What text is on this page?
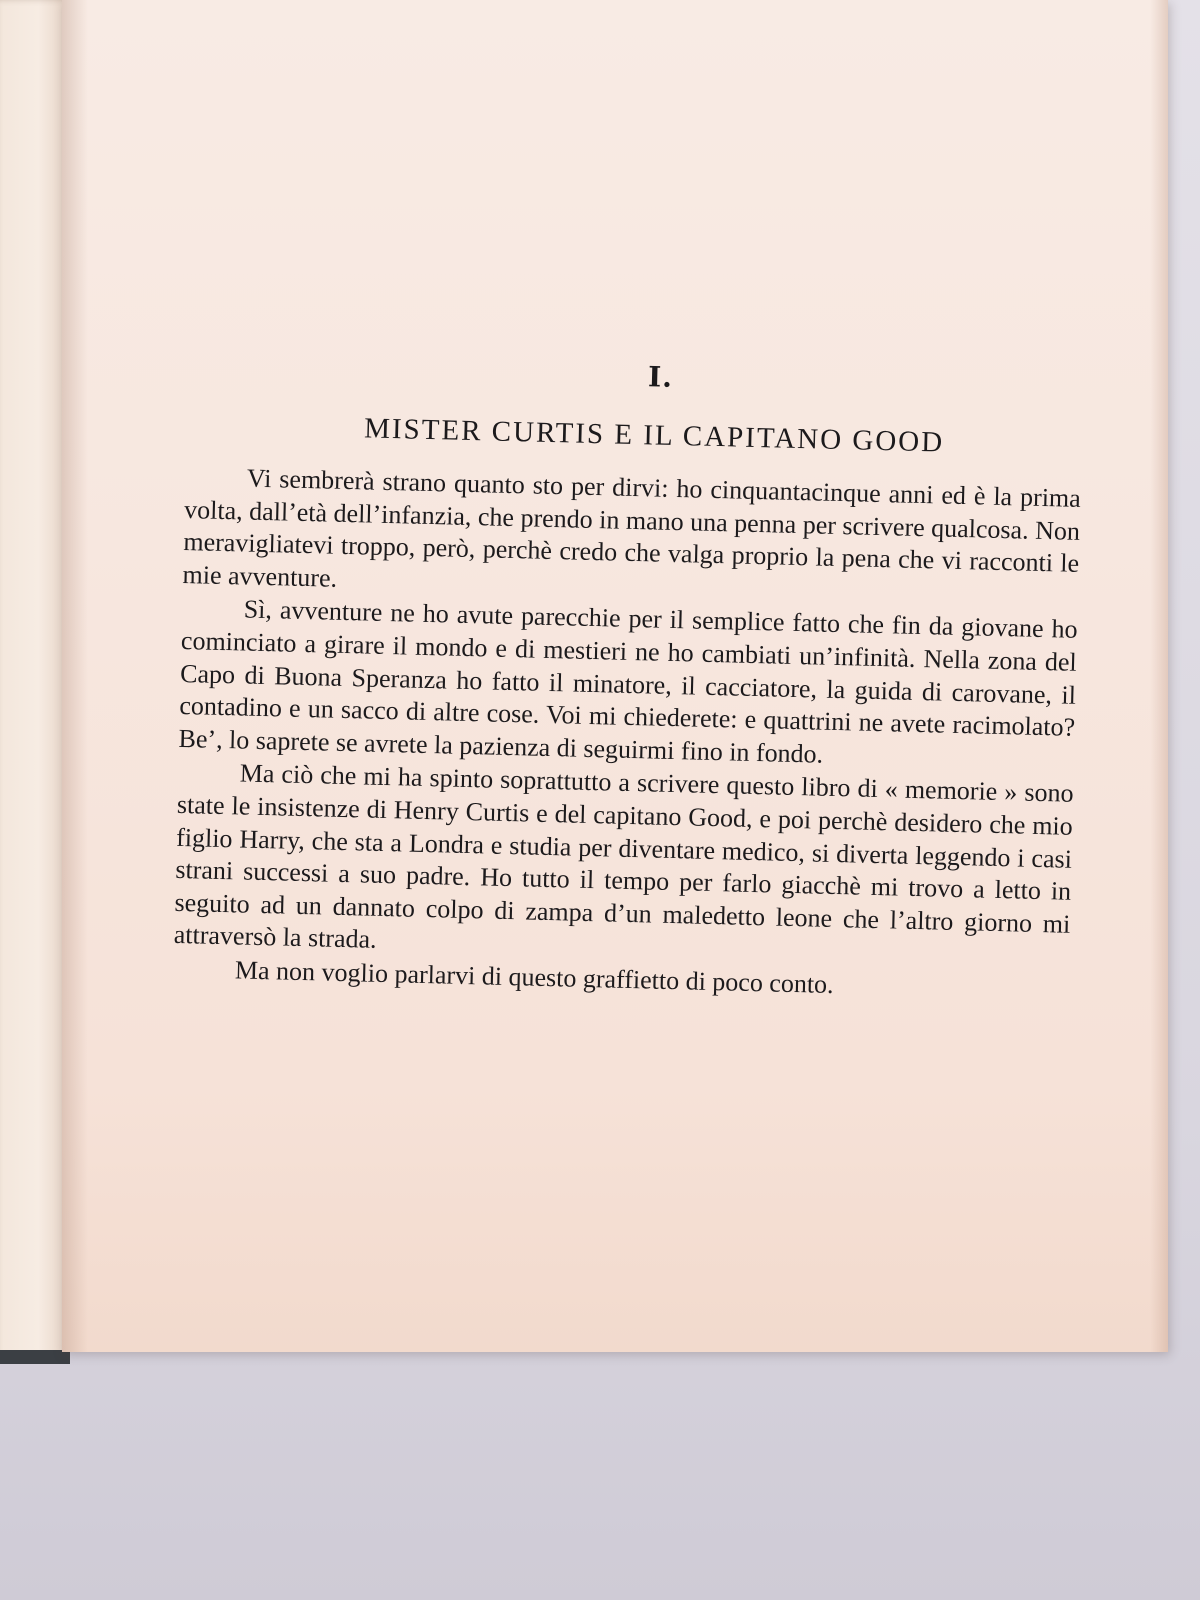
I.
MISTER CURTIS E IL CAPITANO GOOD

Vi sembrerà strano quanto sto per dirvi: ho cinquantacinque anni ed è la prima volta, dall’età dell’infanzia, che prendo in mano una penna per scrivere qualcosa. Non meravigliatevi troppo, però, perchè credo che valga proprio la pena che vi racconti le mie avventure.

Sì, avventure ne ho avute parecchie per il semplice fatto che fin da giovane ho cominciato a girare il mondo e di mestieri ne ho cambiati un’infinità. Nella zona del Capo di Buona Speranza ho fatto il minatore, il cacciatore, la guida di carovane, il contadino e un sacco di altre cose. Voi mi chiederete: e quattrini ne avete racimolato? Be’, lo saprete se avrete la pazienza di seguirmi fino in fondo.

Ma ciò che mi ha spinto soprattutto a scrivere questo libro di « memorie » sono state le insistenze di Henry Curtis e del capitano Good, e poi perchè desidero che mio figlio Harry, che sta a Londra e studia per diventare medico, si diverta leggendo i casi strani successi a suo padre. Ho tutto il tempo per farlo giacchè mi trovo a letto in seguito ad un dannato colpo di zampa d’un maledetto leone che l’altro giorno mi attraversò la strada.

Ma non voglio parlarvi di questo graffietto di poco conto.
